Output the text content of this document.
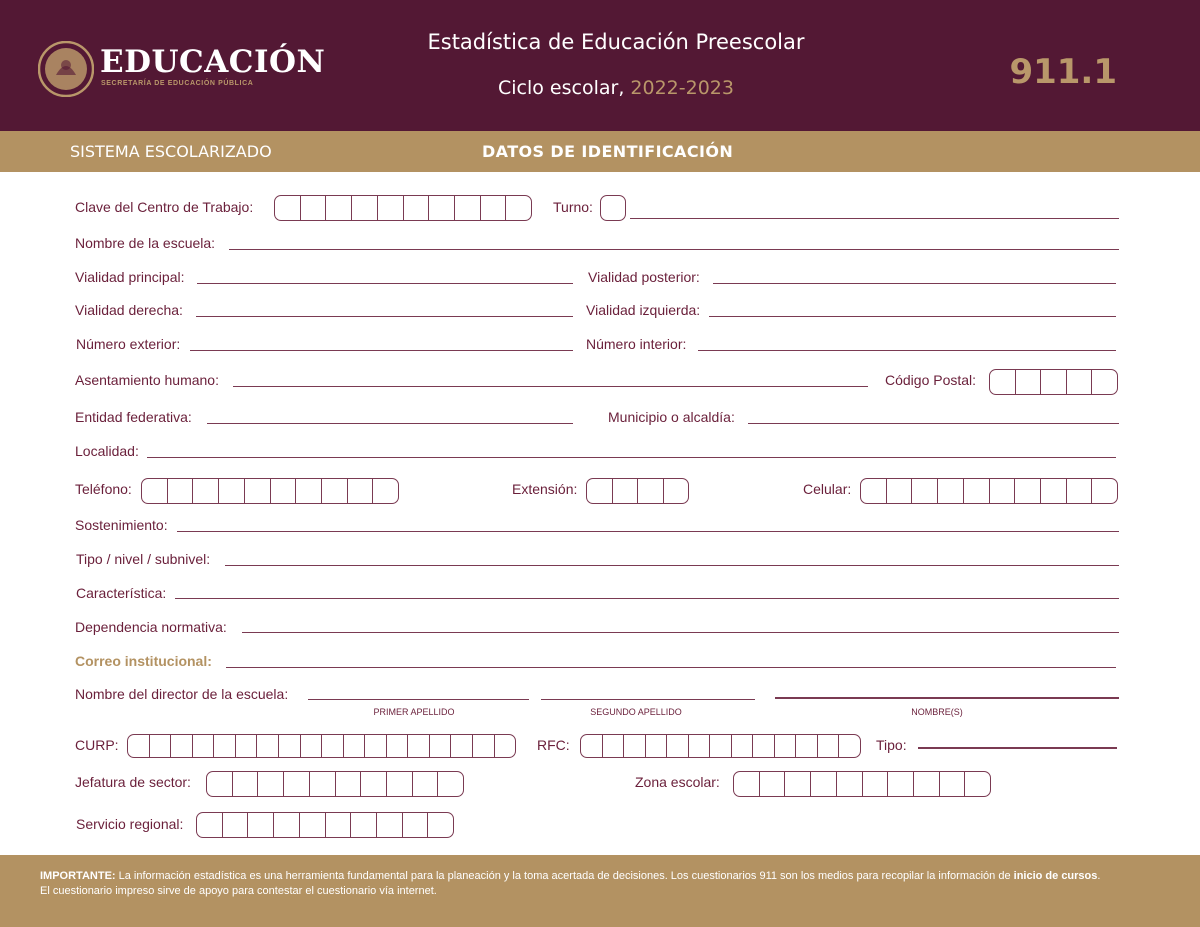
EDUCACIÓN
SECRETARÍA DE EDUCACIÓN PÚBLICA
Estadística de Educación Preescolar
Ciclo escolar, 2022-2023	911.1
SISTEMA ESCOLARIZADO	DATOS DE IDENTIFICACIÓN
Clave del Centro de Trabajo:	Turno:
Nombre de la escuela:
Vialidad principal:	Vialidad posterior:
Vialidad derecha:	Vialidad izquierda:
Número exterior:	Número interior:
Asentamiento humano:	Código Postal:
Entidad federativa:	Municipio o alcaldía:
Localidad:
Teléfono:	Extensión:	Celular:
Sostenimiento:
Tipo / nivel / subnivel:
Característica:
Dependencia normativa:
Correo institucional:
Nombre del director de la escuela:
PRIMER APELLIDO	SEGUNDO APELLIDO	NOMBRE(S)
CURP:	RFC:	Tipo:
Jefatura de sector:	Zona escolar:
Servicio regional:
IMPORTANTE: La información estadística es una herramienta fundamental para la planeación y la toma acertada de decisiones. Los cuestionarios 911 son los medios para recopilar la información de inicio de cursos.
El cuestionario impreso sirve de apoyo para contestar el cuestionario vía internet.
